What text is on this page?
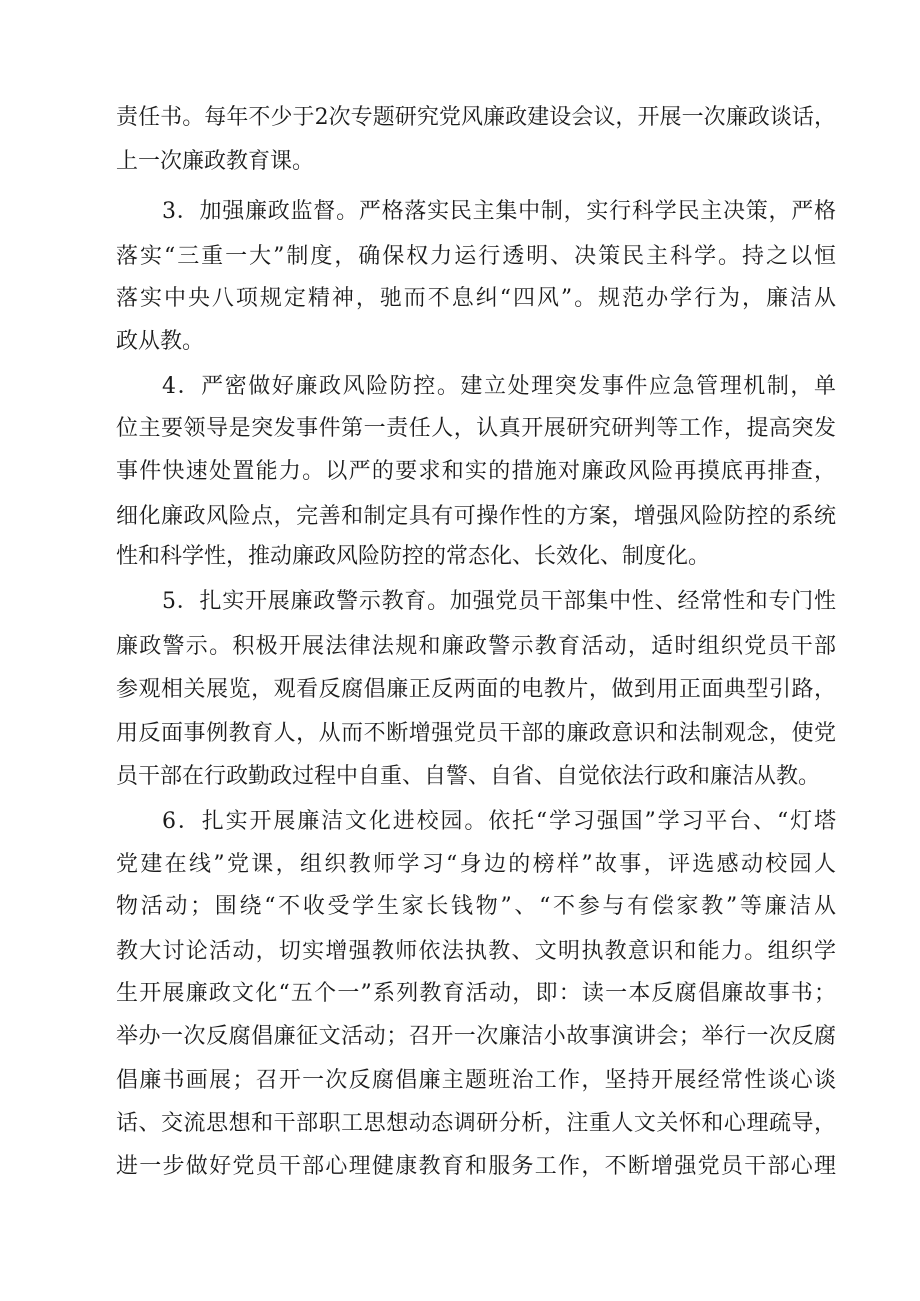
责任书。每年不少于2次专题研究党风廉政建设会议，开展一次廉政谈话，
上一次廉政教育课。
3．加强廉政监督。严格落实民主集中制，实行科学民主决策，严格
落实“三重一大”制度，确保权力运行透明、决策民主科学。持之以恒
落实中央八项规定精神，驰而不息纠“四风”。规范办学行为，廉洁从
政从教。
4．严密做好廉政风险防控。建立处理突发事件应急管理机制，单
位主要领导是突发事件第一责任人，认真开展研究研判等工作，提高突发
事件快速处置能力。以严的要求和实的措施对廉政风险再摸底再排查，
细化廉政风险点，完善和制定具有可操作性的方案，增强风险防控的系统
性和科学性，推动廉政风险防控的常态化、长效化、制度化。
5．扎实开展廉政警示教育。加强党员干部集中性、经常性和专门性
廉政警示。积极开展法律法规和廉政警示教育活动，适时组织党员干部
参观相关展览，观看反腐倡廉正反两面的电教片，做到用正面典型引路，
用反面事例教育人，从而不断增强党员干部的廉政意识和法制观念，使党
员干部在行政勤政过程中自重、自警、自省、自觉依法行政和廉洁从教。
6．扎实开展廉洁文化进校园。依托“学习强国”学习平台、“灯塔
党建在线”党课，组织教师学习“身边的榜样”故事，评选感动校园人
物活动；围绕“不收受学生家长钱物”、“不参与有偿家教”等廉洁从
教大讨论活动，切实增强教师依法执教、文明执教意识和能力。组织学
生开展廉政文化“五个一”系列教育活动，即：读一本反腐倡廉故事书；
举办一次反腐倡廉征文活动；召开一次廉洁小故事演讲会；举行一次反腐
倡廉书画展；召开一次反腐倡廉主题班治工作，坚持开展经常性谈心谈
话、交流思想和干部职工思想动态调研分析，注重人文关怀和心理疏导，
进一步做好党员干部心理健康教育和服务工作，不断增强党员干部心理
